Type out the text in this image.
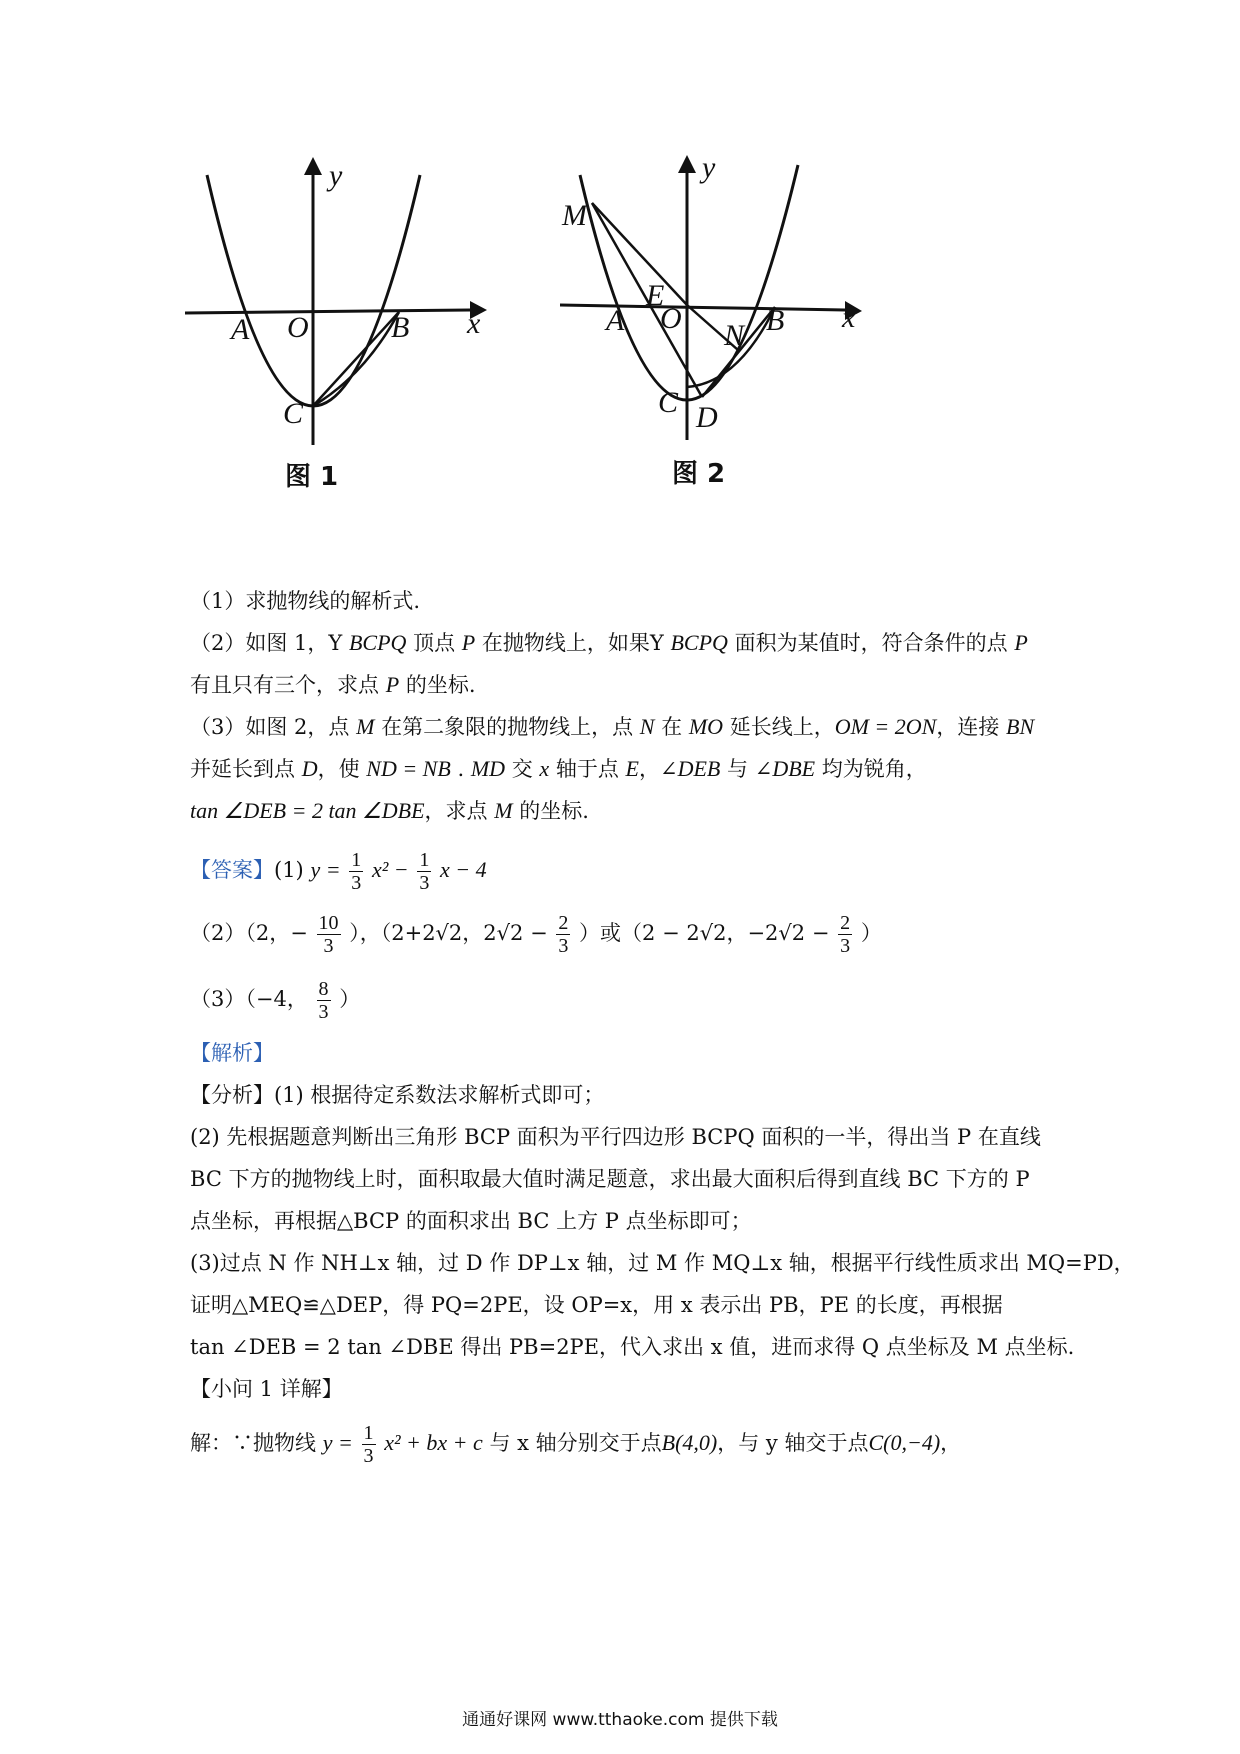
y
x
A O	B
C
图 1
y
x
M
E
A O
N B
C D
图 2
（1）求抛物线的解析式.
（2）如图 1，Y BCPQ 顶点 P 在抛物线上，如果Y BCPQ 面积为某值时，符合条件的点 P
有且只有三个，求点 P 的坐标.
（3）如图 2，点 M 在第二象限的抛物线上，点 N 在 MO 延长线上，OM = 2ON，连接 BN
并延长到点 D，使 ND = NB . MD 交 x 轴于点 E，∠DEB 与 ∠DBE 均为锐角，
tan ∠DEB = 2 tan ∠DBE，求点 M 的坐标.
【答案】(1) $y = \frac{1}{3} x^2 - \frac{1}{3}$ x − 4
（2）（2，− $\frac{10}{3}$ ），（2+2√2，$2√2 - \frac{2}{3}$ ）或（2 − 2√2，$-2√2 - \frac{2}{3}$ ）
（3）（−4， $\frac{8}{3}$ ）
【解析】
【分析】(1) 根据待定系数法求解析式即可；
(2) 先根据题意判断出三角形 BCP 面积为平行四边形 BCPQ 面积的一半，得出当 P 在直线
BC 下方的抛物线上时，面积取最大值时满足题意，求出最大面积后得到直线 BC 下方的 P
点坐标，再根据△BCP 的面积求出 BC 上方 P 点坐标即可；
(3)过点 N 作 NH⊥x 轴，过 D 作 DP⊥x 轴，过 M 作 MQ⊥x 轴，根据平行线性质求出 MQ=PD，
证明△MEQ≌△DEP，得 PQ=2PE，设 OP=x，用 x 表示出 PB，PE 的长度，再根据
tan ∠DEB = 2 tan ∠DBE 得出 PB=2PE，代入求出 x 值，进而求得 Q 点坐标及 M 点坐标.
【小问 1 详解】
解：∵抛物线 $y = \frac{1}{3} x^2$ + bx + c 与 x 轴分别交于点B(4,0)，与 y 轴交于点C(0,−4)，
通通好课网 www.tthaoke.com 提供下载
